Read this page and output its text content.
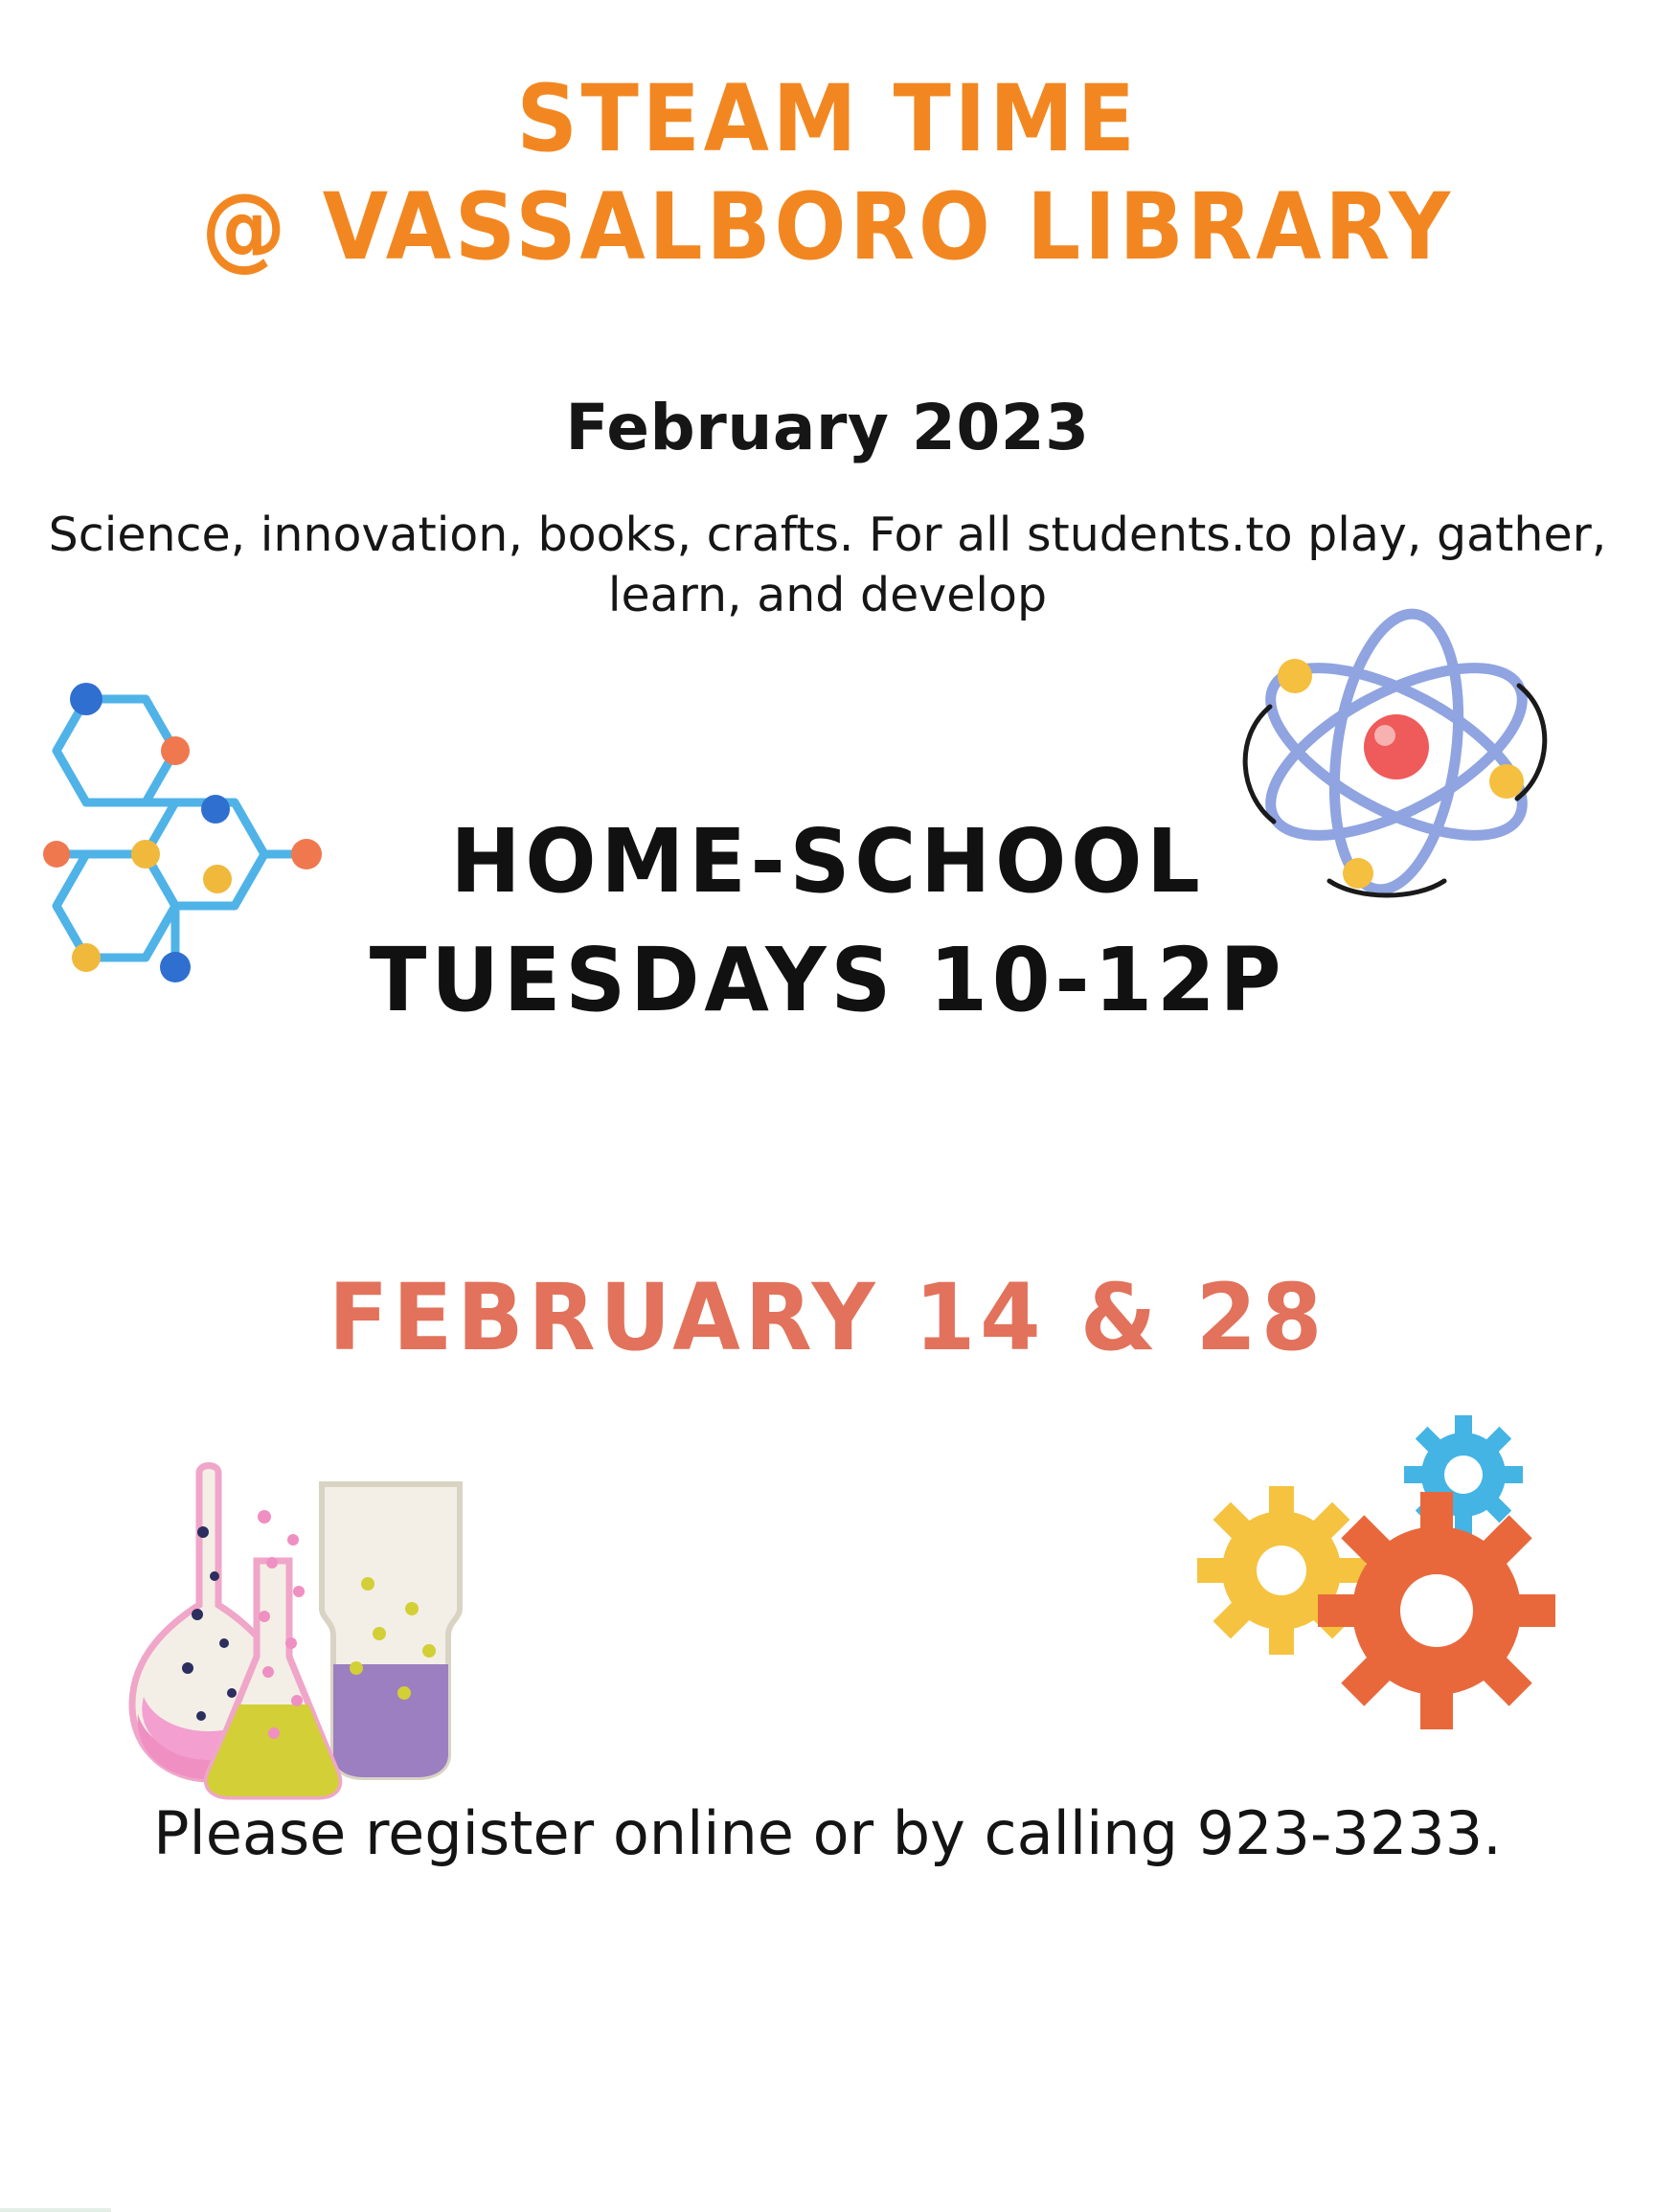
STEAM TIME
@ VASSALBORO LIBRARY
February 2023
Science, innovation, books, crafts. For all students.to play, gather, learn, and develop
HOME-SCHOOL
TUESDAYS 10-12P
FEBRUARY 14 & 28
Please register online or by calling 923-3233.
